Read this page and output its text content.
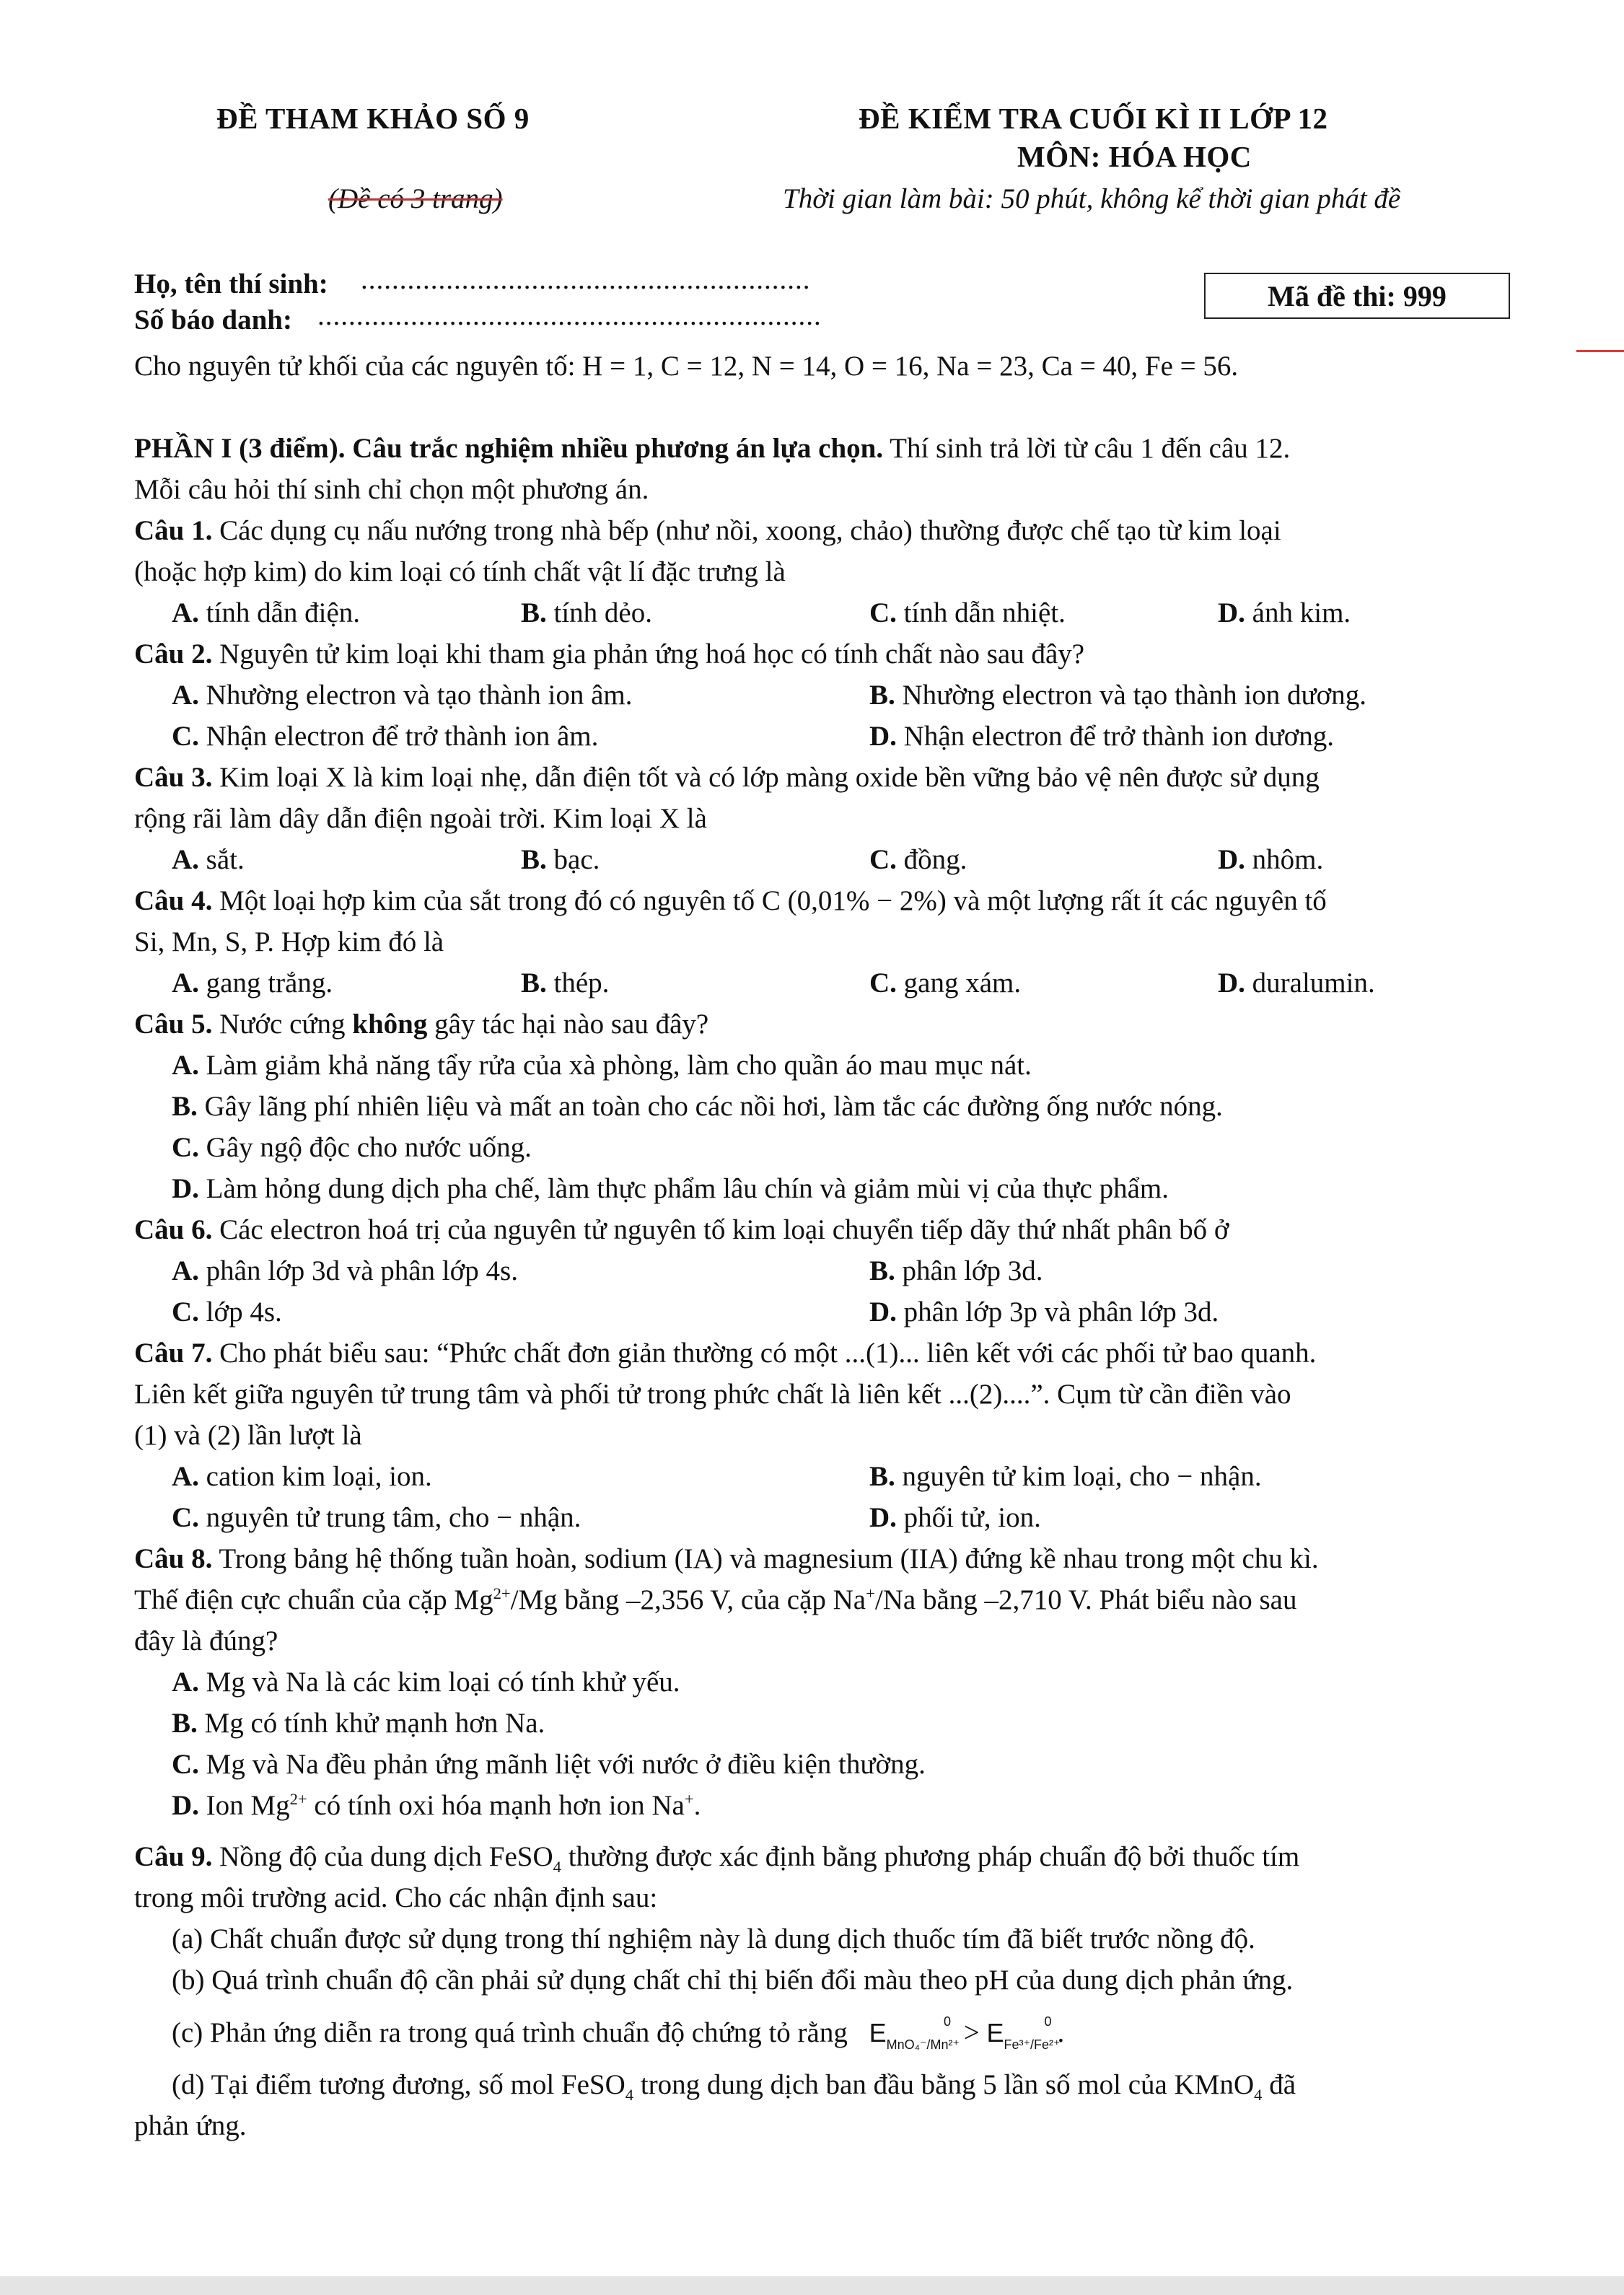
ĐỀ THAM KHẢO SỐ 9	ĐỀ KIỂM TRA CUỐI KÌ II LỚP 12
MÔN: HÓA HỌC
(Đề có 3 trang)	Thời gian làm bài: 50 phút, không kể thời gian phát đề
Họ, tên thí sinh: ..........................................................
Số báo danh: .................................................................
Mã đề thi: 999
Cho nguyên tử khối của các nguyên tố: H = 1, C = 12, N = 14, O = 16, Na = 23, Ca = 40, Fe = 56.
PHẦN I (3 điểm). Câu trắc nghiệm nhiều phương án lựa chọn. Thí sinh trả lời từ câu 1 đến câu 12.
Mỗi câu hỏi thí sinh chỉ chọn một phương án.
Câu 1. Các dụng cụ nấu nướng trong nhà bếp (như nồi, xoong, chảo) thường được chế tạo từ kim loại
(hoặc hợp kim) do kim loại có tính chất vật lí đặc trưng là
A. tính dẫn điện.	B. tính dẻo.	C. tính dẫn nhiệt.	D. ánh kim.
Câu 2. Nguyên tử kim loại khi tham gia phản ứng hoá học có tính chất nào sau đây?
A. Nhường electron và tạo thành ion âm.	B. Nhường electron và tạo thành ion dương.
C. Nhận electron để trở thành ion âm.	D. Nhận electron để trở thành ion dương.
Câu 3. Kim loại X là kim loại nhẹ, dẫn điện tốt và có lớp màng oxide bền vững bảo vệ nên được sử dụng
rộng rãi làm dây dẫn điện ngoài trời. Kim loại X là
A. sắt.	B. bạc.	C. đồng.	D. nhôm.
Câu 4. Một loại hợp kim của sắt trong đó có nguyên tố C (0,01% − 2%) và một lượng rất ít các nguyên tố
Si, Mn, S, P. Hợp kim đó là
A. gang trắng.	B. thép.	C. gang xám.	D. duralumin.
Câu 5. Nước cứng không gây tác hại nào sau đây?
A. Làm giảm khả năng tẩy rửa của xà phòng, làm cho quần áo mau mục nát.
B. Gây lãng phí nhiên liệu và mất an toàn cho các nồi hơi, làm tắc các đường ống nước nóng.
C. Gây ngộ độc cho nước uống.
D. Làm hỏng dung dịch pha chế, làm thực phẩm lâu chín và giảm mùi vị của thực phẩm.
Câu 6. Các electron hoá trị của nguyên tử nguyên tố kim loại chuyển tiếp dãy thứ nhất phân bố ở
A. phân lớp 3d và phân lớp 4s.	B. phân lớp 3d.
C. lớp 4s.	D. phân lớp 3p và phân lớp 3d.
Câu 7. Cho phát biểu sau: “Phức chất đơn giản thường có một ...(1)... liên kết với các phối tử bao quanh.
Liên kết giữa nguyên tử trung tâm và phối tử trong phức chất là liên kết ...(2)....”. Cụm từ cần điền vào
(1) và (2) lần lượt là
A. cation kim loại, ion.	B. nguyên tử kim loại, cho − nhận.
C. nguyên tử trung tâm, cho − nhận.	D. phối tử, ion.
Câu 8. Trong bảng hệ thống tuần hoàn, sodium (IA) và magnesium (IIA) đứng kề nhau trong một chu kì.
Thế điện cực chuẩn của cặp $Mg^{2+}/Mg$ bằng –2,356 V, của cặp Na+/Na bằng –2,710 V. Phát biểu nào sau
đây là đúng?
A. Mg và Na là các kim loại có tính khử yếu.
B. Mg có tính khử mạnh hơn Na.
C. Mg và Na đều phản ứng mãnh liệt với nước ở điều kiện thường.
D. Ion $Mg^{2+}$ có tính oxi hóa mạnh hơn ion Na+.
Câu 9. Nồng độ của dung dịch FeSO$_4$ thường được xác định bằng phương pháp chuẩn độ bởi thuốc tím
trong môi trường acid. Cho các nhận định sau:
(a) Chất chuẩn được sử dụng trong thí nghiệm này là dung dịch thuốc tím đã biết trước nồng độ.
(b) Quá trình chuẩn độ cần phải sử dụng chất chỉ thị biến đổi màu theo pH của dung dịch phản ứng.
(c) Phản ứng diễn ra trong quá trình chuẩn độ chứng tỏ rằng $E_{MnO_4^-/Mn^{2+}}^0 > E_{Fe^{3+}/Fe^{2+}}^0$ .
(d) Tại điểm tương đương, số mol FeSO$_4$ trong dung dịch ban đầu bằng 5 lần số mol của KMnO$_4$ đã
phản ứng.
